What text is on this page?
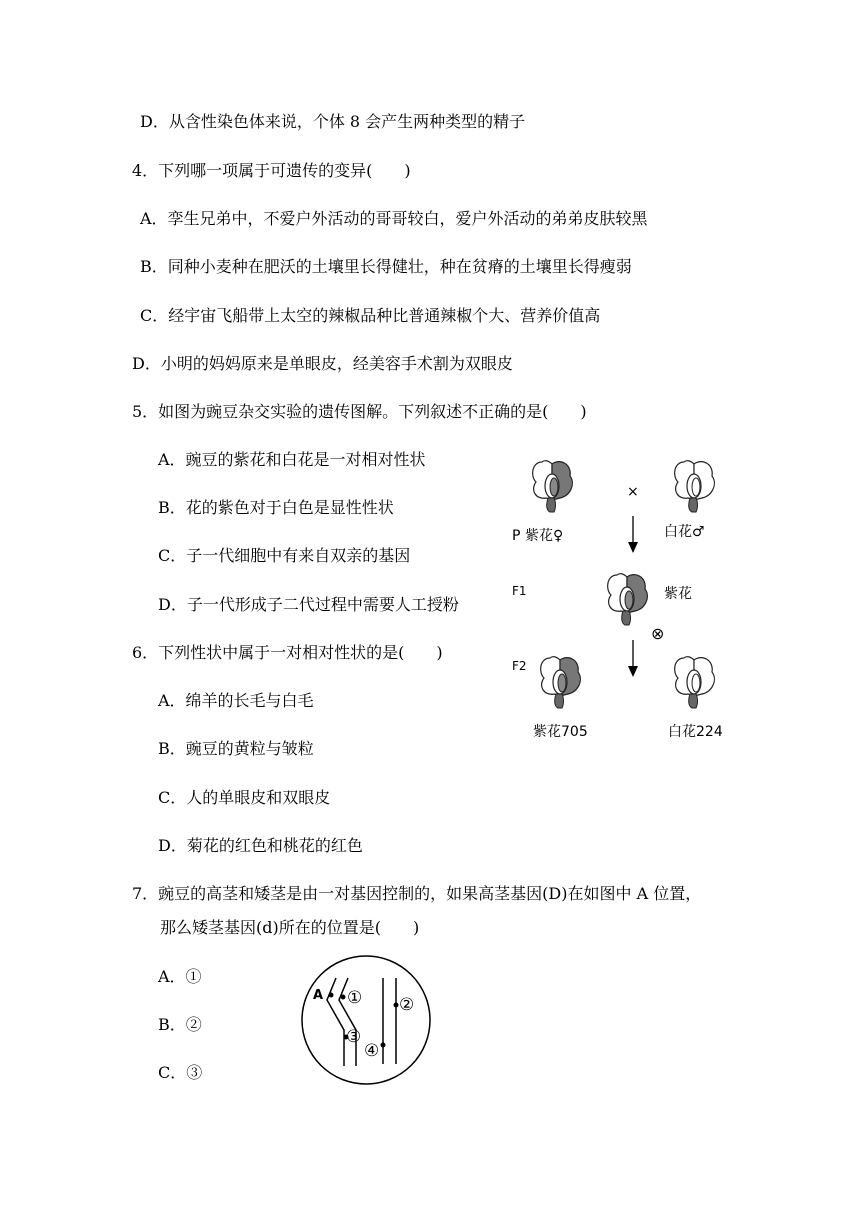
D．从含性染色体来说，个体 8 会产生两种类型的精子
4．下列哪一项属于可遗传的变异(　　)
A．孪生兄弟中，不爱户外活动的哥哥较白，爱户外活动的弟弟皮肤较黑
B．同种小麦种在肥沃的土壤里长得健壮，种在贫瘠的土壤里长得瘦弱
C．经宇宙飞船带上太空的辣椒品种比普通辣椒个大、营养价值高
D．小明的妈妈原来是单眼皮，经美容手术割为双眼皮
5．如图为豌豆杂交实验的遗传图解。下列叙述不正确的是(　　)
A．豌豆的紫花和白花是一对相对性状
B．花的紫色对于白色是显性性状
C．子一代细胞中有来自双亲的基因
D．子一代形成子二代过程中需要人工授粉
6．下列性状中属于一对相对性状的是(　　)
A．绵羊的长毛与白毛
B．豌豆的黄粒与皱粒
C．人的单眼皮和双眼皮
D．菊花的红色和桃花的红色
7．豌豆的高茎和矮茎是由一对基因控制的，如果高茎基因(D)在如图中 A 位置，
那么矮茎基因(d)所在的位置是(　　)
A．①
B．②
C．③
P 紫花♀
×
白花♂
F1	紫花
⊗
F2
紫花705	白花224
A ① ②
③
④
